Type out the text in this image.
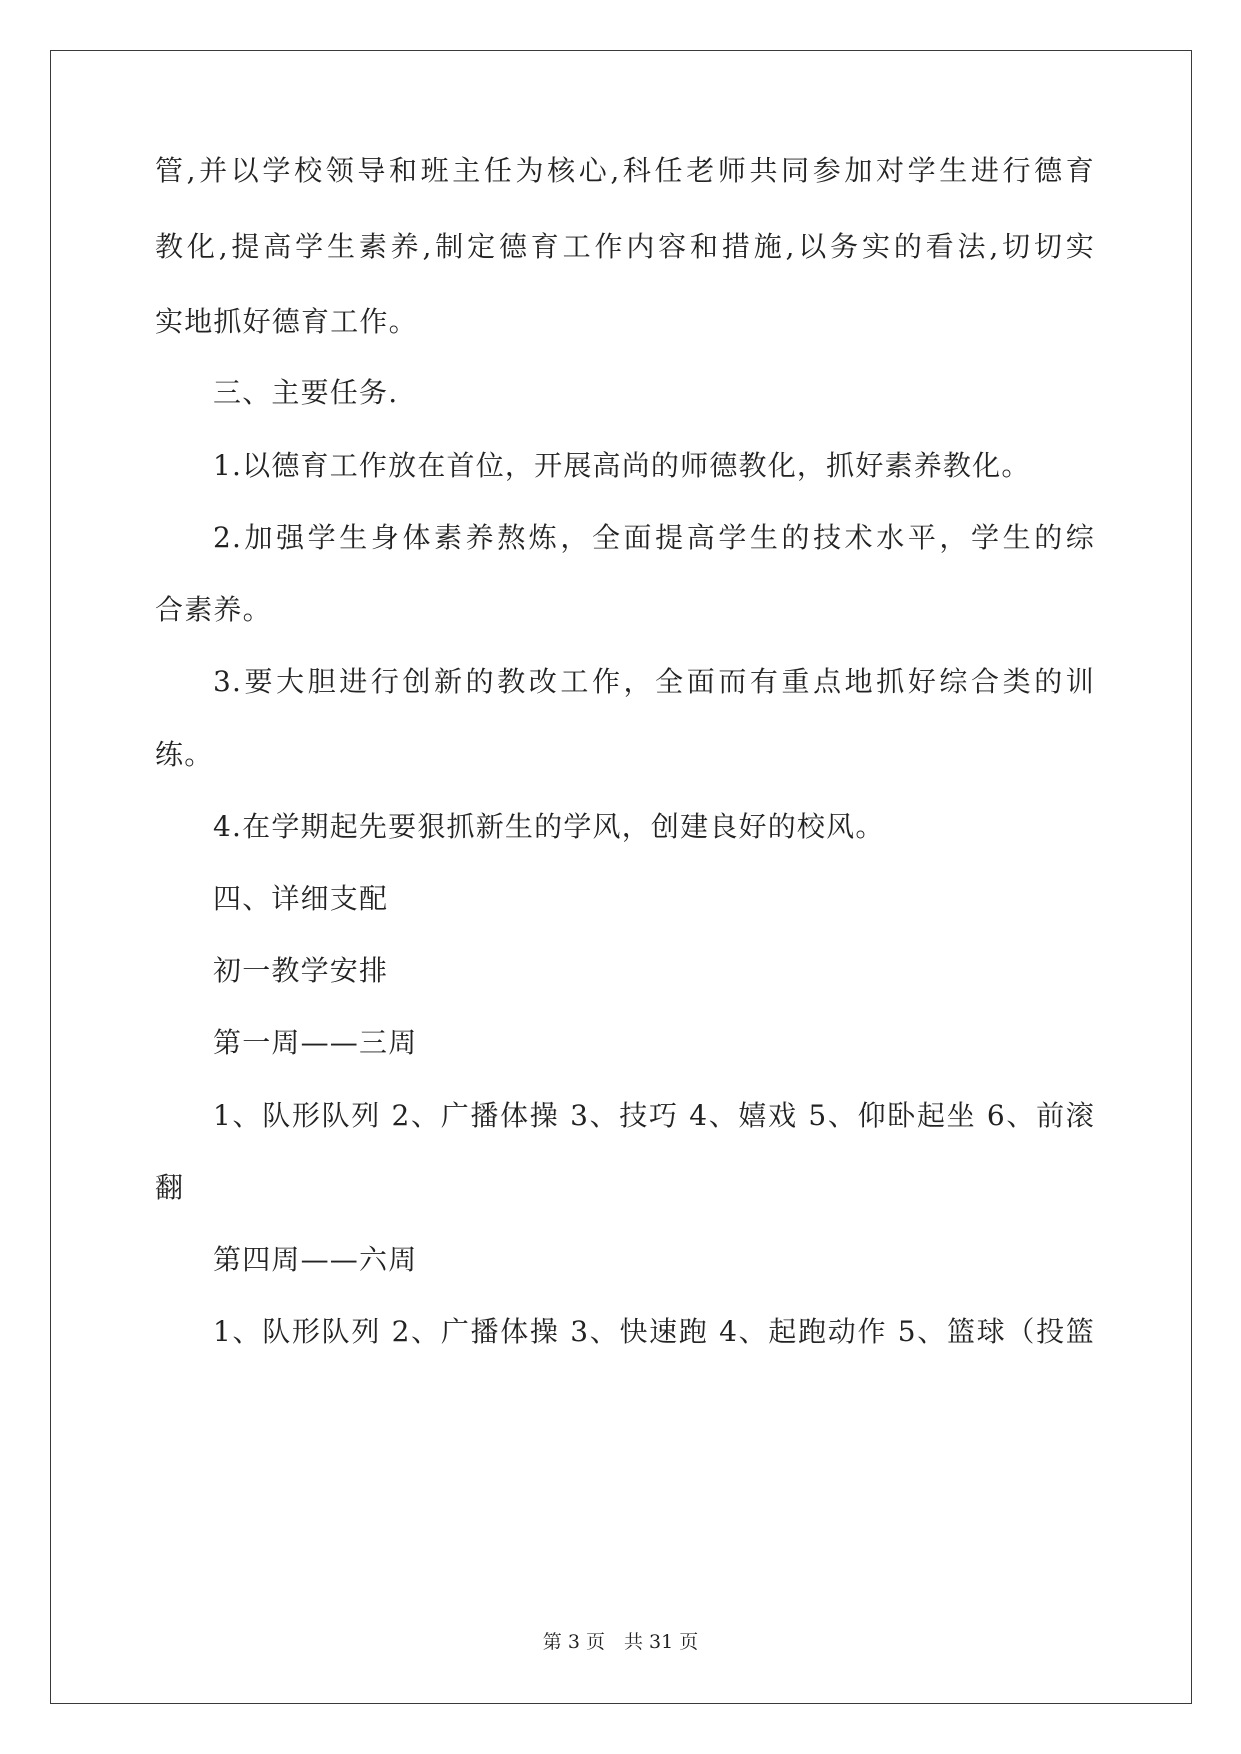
管,并以学校领导和班主任为核心,科任老师共同参加对学生进行德育
教化,提高学生素养,制定德育工作内容和措施,以务实的看法,切切实
实地抓好德育工作。
三、主要任务.
1.以德育工作放在首位，开展高尚的师德教化，抓好素养教化。
2.加强学生身体素养熬炼，全面提高学生的技术水平，学生的综
合素养。
3.要大胆进行创新的教改工作，全面而有重点地抓好综合类的训
练。
4.在学期起先要狠抓新生的学风，创建良好的校风。
四、详细支配
初一教学安排
第一周——三周
1、队形队列 2、广播体操 3、技巧 4、嬉戏 5、仰卧起坐 6、前滚
翻
第四周——六周
1、队形队列 2、广播体操 3、快速跑 4、起跑动作 5、篮球（投篮
第 3 页　共 31 页
